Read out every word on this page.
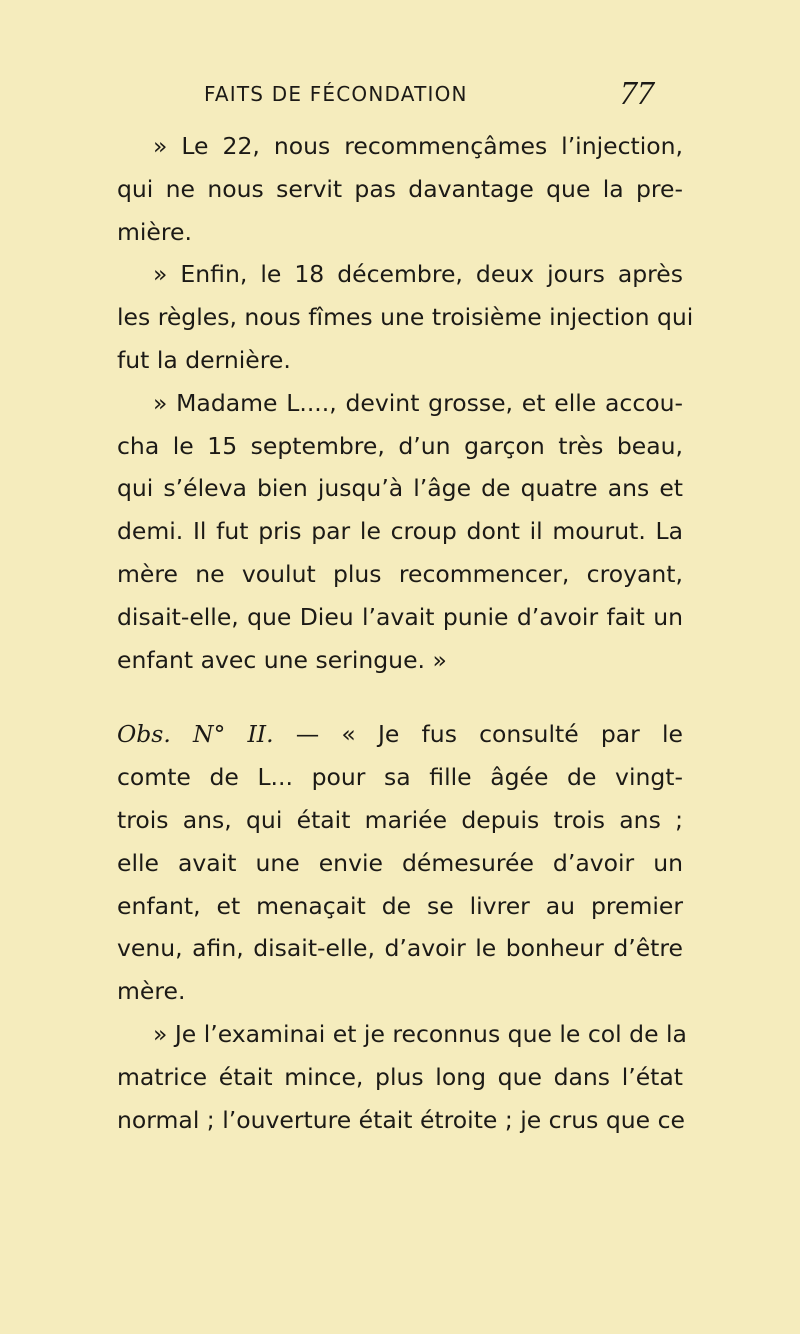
FAITS DE FÉCONDATION	77
» Le 22, nous recommençâmes l’injection,
qui ne nous servit pas davantage que la pre-
mière.
» Enfin, le 18 décembre, deux jours après
les règles, nous fîmes une troisième injection qui
fut la dernière.
» Madame L...., devint grosse, et elle accou-
cha le 15 septembre, d’un garçon très beau,
qui s’éleva bien jusqu’à l’âge de quatre ans et
demi. Il fut pris par le croup dont il mourut. La
mère ne voulut plus recommencer, croyant,
disait-elle, que Dieu l’avait punie d’avoir fait un
enfant avec une seringue. »
Obs. N° II. — « Je fus consulté par le
comte de L... pour sa fille âgée de vingt-
trois ans, qui était mariée depuis trois ans ;
elle avait une envie démesurée d’avoir un
enfant, et menaçait de se livrer au premier
venu, afin, disait-elle, d’avoir le bonheur d’être
mère.
» Je l’examinai et je reconnus que le col de la
matrice était mince, plus long que dans l’état
normal ; l’ouverture était étroite ; je crus que ce
